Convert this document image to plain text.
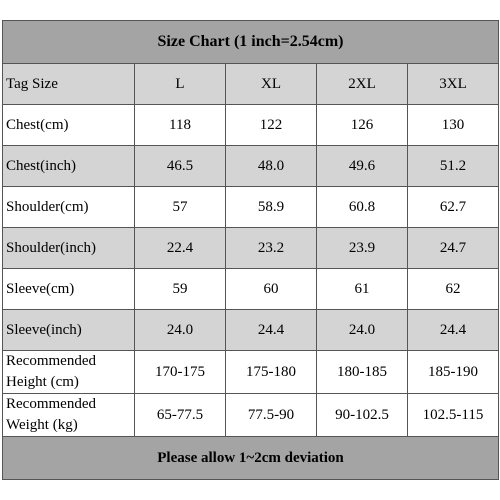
Size Chart (1 inch=2.54cm)				
Tag Size	L	XL	2XL	3XL
Chest(cm)	118	122	126	130
Chest(inch)	46.5	48.0	49.6	51.2
Shoulder(cm)	57	58.9	60.8	62.7
Shoulder(inch)	22.4	23.2	23.9	24.7
Sleeve(cm)	59	60	61	62
Sleeve(inch)	24.0	24.4	24.0	24.4

Recommended
Height (cm)	170-175	175-180	180-185	185-190

Recommended
Weight (kg)	65-77.5	77.5-90	90-102.5	102.5-115
Please allow 1~2cm deviation				
